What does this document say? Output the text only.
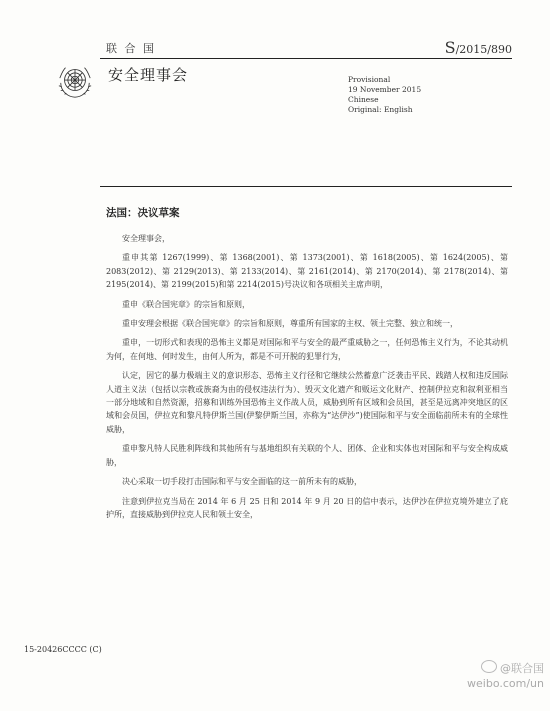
联 合 国	S/2015/890
安全理事会	Provisional
19 November 2015
Chinese
Original: English
法国：决议草案

安全理事会，

重申其第 1267(1999)、第 1368(2001)、第 1373(2001)、第 1618(2005)、第 1624(2005)、第 2083(2012)、第 2129(2013)、第 2133(2014)、第 2161(2014)、第 2170(2014)、第 2178(2014)、第 2195(2014)、第 2199(2015)和第 2214(2015)号决议和各项相关主席声明，

重申《联合国宪章》的宗旨和原则，

重申安理会根据《联合国宪章》的宗旨和原则，尊重所有国家的主权、领土完整、独立和统一，

重申，一切形式和表现的恐怖主义都是对国际和平与安全的最严重威胁之一，任何恐怖主义行为，不论其动机为何，在何地、何时发生，由何人所为，都是不可开脱的犯罪行为，

认定，因它的暴力极端主义的意识形态、恐怖主义行径和它继续公然蓄意广泛袭击平民、践踏人权和违反国际人道主义法（包括以宗教或族裔为由的侵权违法行为）、毁灭文化遗产和贩运文化财产、控制伊拉克和叙利亚相当一部分地域和自然资源，招募和训练外国恐怖主义作战人员，威胁到所有区域和会员国，甚至是远离冲突地区的区域和会员国，伊拉克和黎凡特伊斯兰国(伊黎伊斯兰国，亦称为“达伊沙”)使国际和平与安全面临前所未有的全球性威胁，

重申黎凡特人民胜利阵线和其他所有与基地组织有关联的个人、团体、企业和实体也对国际和平与安全构成威胁，

决心采取一切手段打击国际和平与安全面临的这一前所未有的威胁，

注意到伊拉克当局在 2014 年 6 月 25 日和 2014 年 9 月 20 日的信中表示，达伊沙在伊拉克境外建立了庇护所，直接威胁到伊拉克人民和领土安全，

15-20426CCCC (C)
@联合国
weibo.com/un
